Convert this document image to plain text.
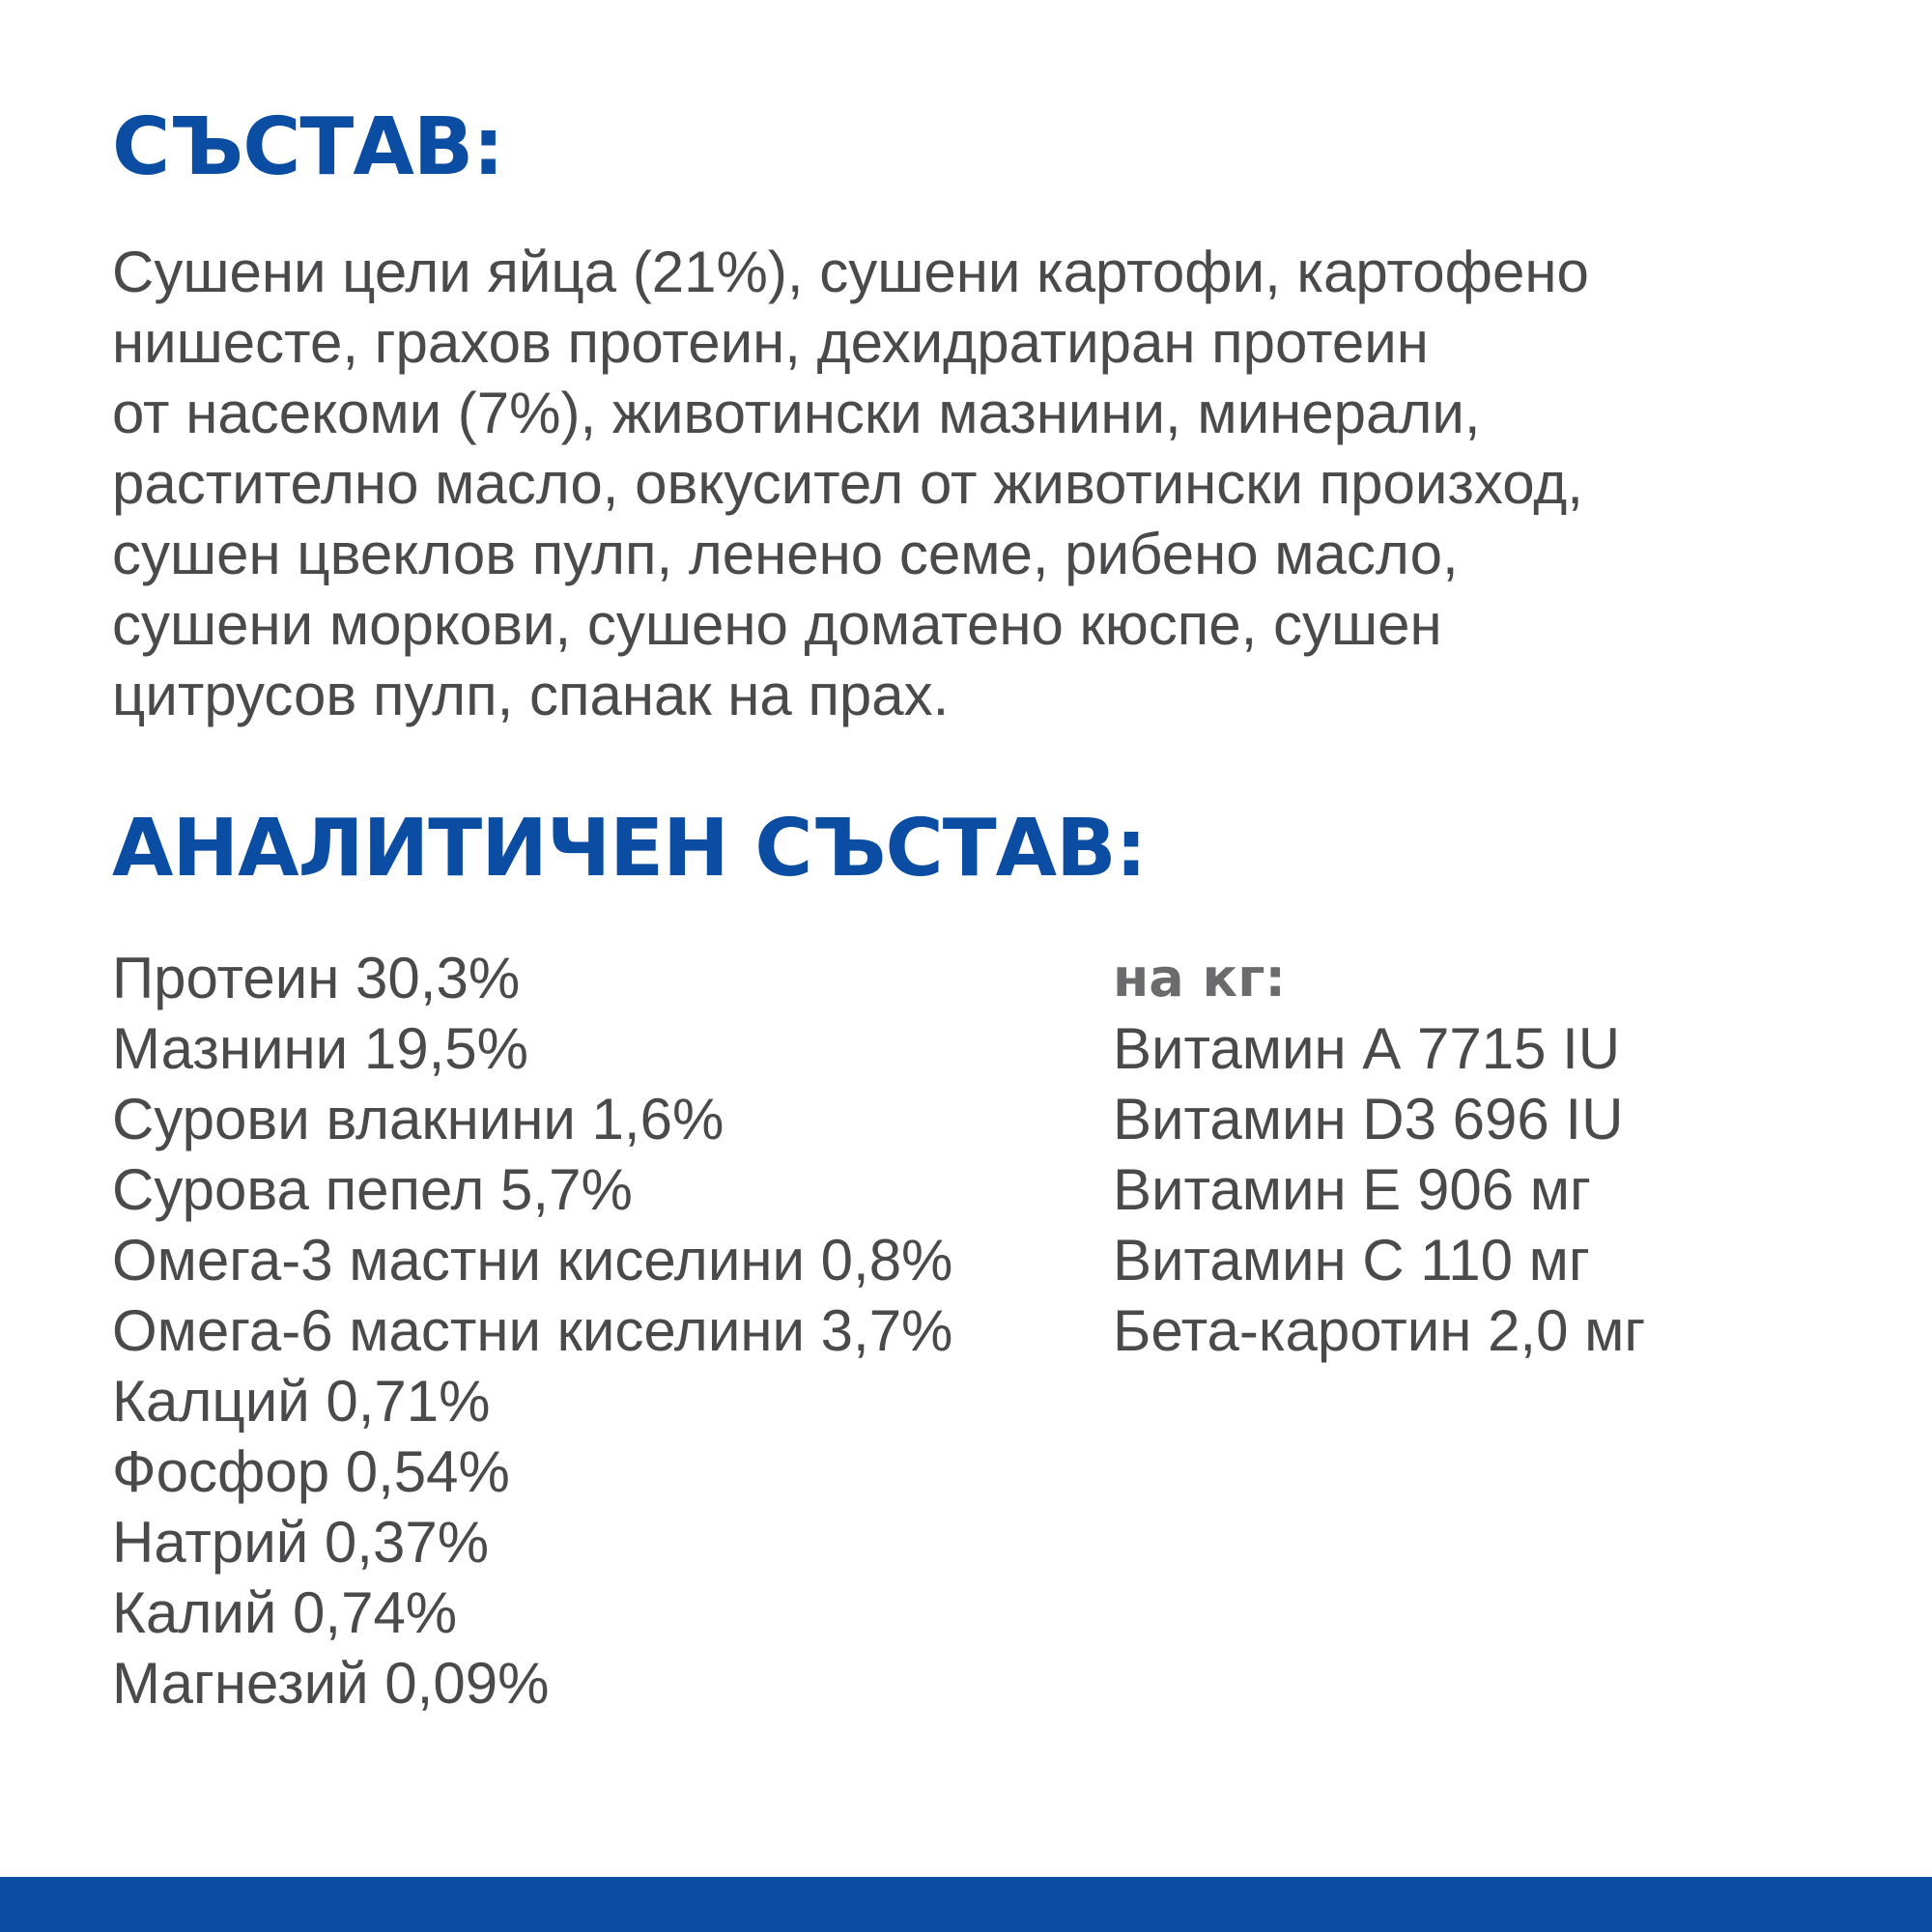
СЪСТАВ:

Сушени цели яйца (21%), сушени картофи, картофено
нишесте, грахов протеин, дехидратиран протеин
от насекоми (7%), животински мазнини, минерали,
растително масло, овкусител от животински произход,
сушен цвеклов пулп, ленено семе, рибено масло,
сушени моркови, сушено доматено кюспе, сушен
цитрусов пулп, спанак на прах.

АНАЛИТИЧЕН СЪСТАВ:
Протеин 30,3%
Мазнини 19,5%
Сурови влакнини 1,6%
Сурова пепел 5,7%
Омега-3 мастни киселини 0,8%
Омега-6 мастни киселини 3,7%
Калций 0,71%
Фосфор 0,54%
Натрий 0,37%
Калий 0,74%
Магнезий 0,09%
на кг:
Витамин А 7715 IU
Витамин D3 696 IU
Витамин Е 906 мг
Витамин С 110 мг
Бета-каротин 2,0 мг
